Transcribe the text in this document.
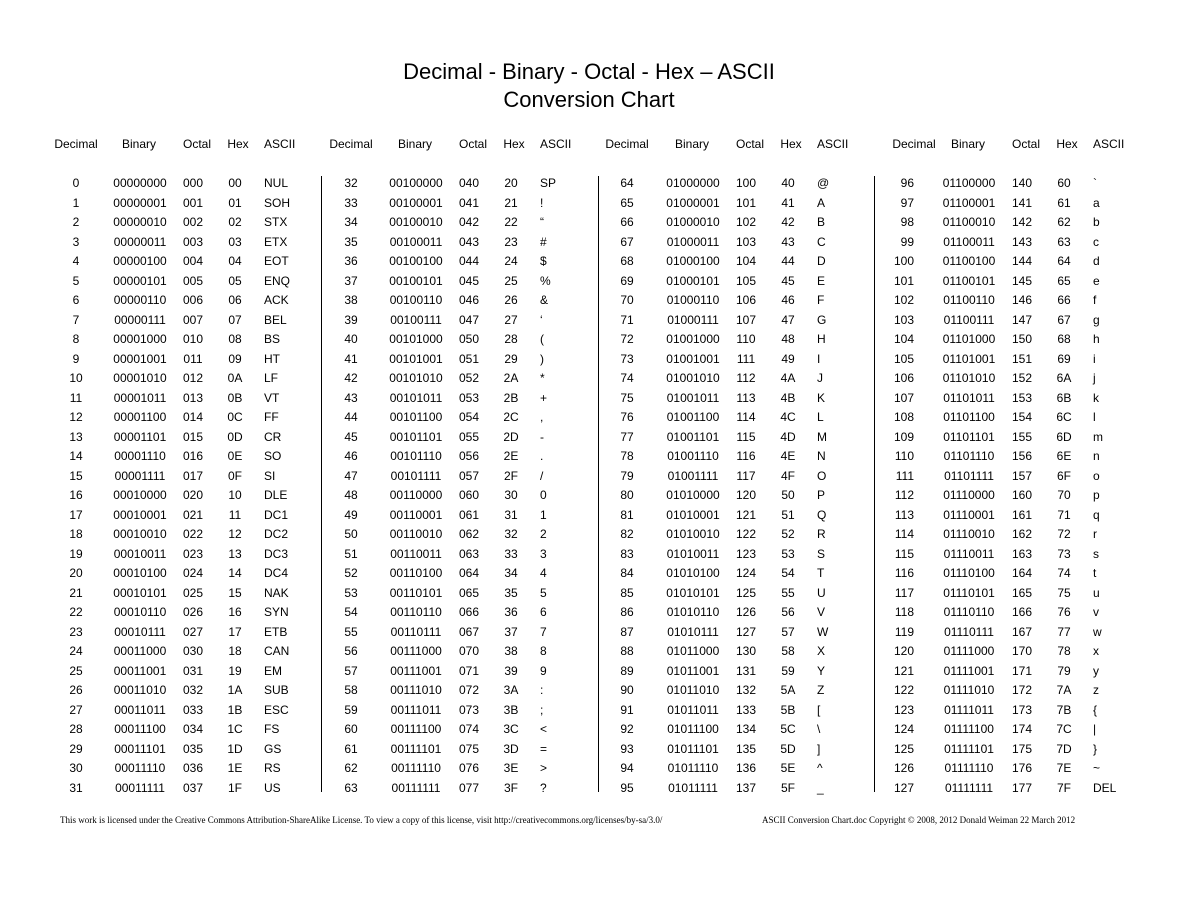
Decimal - Binary - Octal - Hex – ASCII
Conversion Chart
Decimal Binary Octal Hex ASCII
0	00000000 000 00 NUL
1	00000001 001 01 SOH
2	00000010 002 02 STX
3	00000011 003 03 ETX
4	00000100 004 04 EOT
5	00000101 005 05 ENQ
6	00000110 006 06 ACK
7	00000111 007 07 BEL
8	00001000 010 08 BS
9	00001001 011 09 HT
10	00001010 012 0A LF
11	00001011 013 0B VT
12	00001100 014 0C FF
13	00001101 015 0D CR
14	00001110 016 0E SO
15	00001111 017 0F SI
16	00010000 020 10 DLE
17	00010001 021 11 DC1
18	00010010 022 12 DC2
19	00010011 023 13 DC3
20	00010100 024 14 DC4
21	00010101 025 15 NAK
22	00010110 026 16 SYN
23	00010111 027 17 ETB
24	00011000 030 18 CAN
25	00011001 031 19 EM
26	00011010 032 1A SUB
27	00011011 033 1B ESC
28	00011100 034 1C FS
29	00011101 035 1D GS
30	00011110 036 1E RS
31	00011111 037 1F US
Decimal Binary Octal Hex ASCII
32	00100000 040 20 SP
33	00100001 041 21 !
34	00100010 042 22 “
35	00100011 043 23 #
36	00100100 044 24 $
37	00100101 045 25 %
38	00100110 046 26 &
39	00100111 047 27 ‘
40	00101000 050 28 (
41	00101001 051 29 )
42	00101010 052 2A *
43	00101011 053 2B +
44	00101100 054 2C ,
45	00101101 055 2D -
46	00101110 056 2E .
47	00101111 057 2F /
48	00110000 060 30 0
49	00110001 061 31 1
50	00110010 062 32 2
51	00110011 063 33 3
52	00110100 064 34 4
53	00110101 065 35 5
54	00110110 066 36 6
55	00110111 067 37 7
56	00111000 070 38 8
57	00111001 071 39 9
58	00111010 072 3A :
59	00111011 073 3B ;
60	00111100 074 3C <
61	00111101 075 3D =
62	00111110 076 3E >
63	00111111 077 3F ?
Decimal Binary Octal Hex ASCII
64	01000000 100 40 @
65	01000001 101 41 A
66	01000010 102 42 B
67	01000011 103 43 C
68	01000100 104 44 D
69	01000101 105 45 E
70	01000110 106 46 F
71	01000111 107 47 G
72	01001000 110 48 H
73	01001001 111 49 I
74	01001010 112 4A J
75	01001011 113 4B K
76	01001100 114 4C L
77	01001101 115 4D M
78	01001110 116 4E N
79	01001111 117 4F O
80	01010000 120 50 P
81	01010001 121 51 Q
82	01010010 122 52 R
83	01010011 123 53 S
84	01010100 124 54 T
85	01010101 125 55 U
86	01010110 126 56 V
87	01010111 127 57 W
88	01011000 130 58 X
89	01011001 131 59 Y
90	01011010 132 5A Z
91	01011011 133 5B [
92	01011100 134 5C \
93	01011101 135 5D ]
94	01011110 136 5E ^
95	01011111 137 5F _
Decimal Binary Octal Hex ASCII
96 01100000 140 60 `
97 01100001 141 61 a
98 01100010 142 62 b
99 01100011 143 63 c
100 01100100 144 64 d
101 01100101 145 65 e
102 01100110 146 66 f
103 01100111 147 67 g
104 01101000 150 68 h
105 01101001 151 69 i
106 01101010 152 6A j
107 01101011 153 6B k
108 01101100 154 6C l
109 01101101 155 6D m
110 01101110 156 6E n
111	01101111 157 6F o
112 01110000 160 70 p
113 01110001 161 71 q
114 01110010 162 72 r
115 01110011 163 73 s
116 01110100 164 74 t
117 01110101 165 75 u
118 01110110 166 76 v
119	01110111 167 77 w
120 01111000 170 78 x
121 01111001 171 79 y
122 01111010 172 7A z
123	01111011 173 7B {
124	01111100 174 7C |
125	01111101 175 7D }
126	01111110 176 7E ~
127	01111111 177 7F DEL
This work is licensed under the Creative Commons Attribution-ShareAlike License. To view a copy of this license, visit http://creativecommons.org/licenses/by-sa/3.0/	ASCII Conversion Chart.doc Copyright © 2008, 2012 Donald Weiman 22 March 2012
